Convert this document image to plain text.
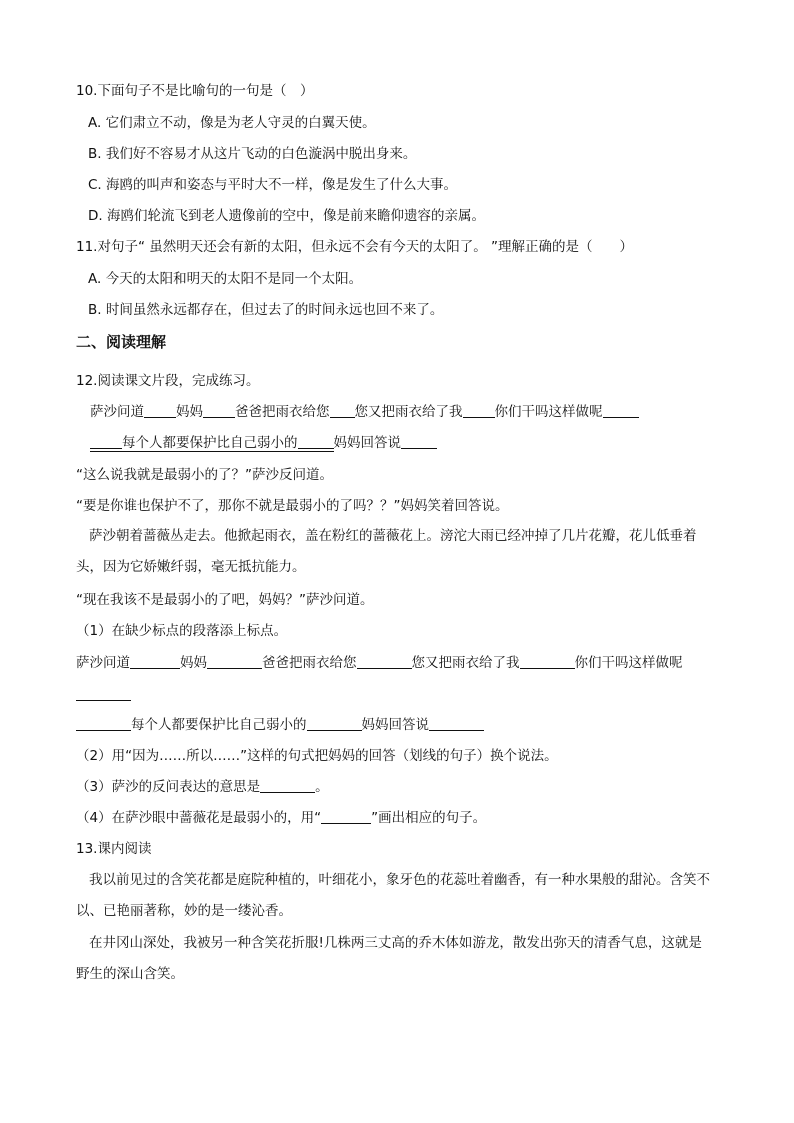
10.下面句子不是比喻句的一句是（　）
A. 它们肃立不动，像是为老人守灵的白翼天使。
B. 我们好不容易才从这片飞动的白色漩涡中脱出身来。
C. 海鸥的叫声和姿态与平时大不一样，像是发生了什么大事。
D. 海鸥们轮流飞到老人遗像前的空中，像是前来瞻仰遗容的亲属。
11.对句子“ 虽然明天还会有新的太阳，但永远不会有今天的太阳了。 ”理解正确的是（　　）
A. 今天的太阳和明天的太阳不是同一个太阳。
B. 时间虽然永远都存在，但过去了的时间永远也回不来了。
二、阅读理解
12.阅读课文片段，完成练习。
萨沙问道 妈妈 爸爸把雨衣给您 您又把雨衣给了我 你们干吗这样做呢
每个人都要保护比自己弱小的	妈妈回答说
“这么说我就是最弱小的了？”萨沙反问道。
“要是你谁也保护不了，那你不就是最弱小的了吗？？”妈妈笑着回答说。
萨沙朝着蔷薇丛走去。他掀起雨衣，盖在粉红的蔷薇花上。滂沱大雨已经冲掉了几片花瓣，花儿低垂着头，因为它娇嫩纤弱，毫无抵抗能力。
“现在我该不是最弱小的了吧，妈妈？”萨沙问道。
（1）在缺少标点的段落添上标点。
萨沙问道	妈妈	爸爸把雨衣给您	您又把雨衣给了我	你们干吗这样做呢
每个人都要保护比自己弱小的	妈妈回答说
（2）用“因为……所以……”这样的句式把妈妈的回答（划线的句子）换个说法。
（3）萨沙的反问表达的意思是	。
（4）在萨沙眼中蔷薇花是最弱小的，用“	”画出相应的句子。
13.课内阅读
我以前见过的含笑花都是庭院种植的，叶细花小，象牙色的花蕊吐着幽香，有一种水果般的甜沁。含笑不以、已艳丽著称，妙的是一缕沁香。
在井冈山深处，我被另一种含笑花折服!几株两三丈高的乔木体如游龙，散发出弥天的清香气息，这就是野生的深山含笑。
